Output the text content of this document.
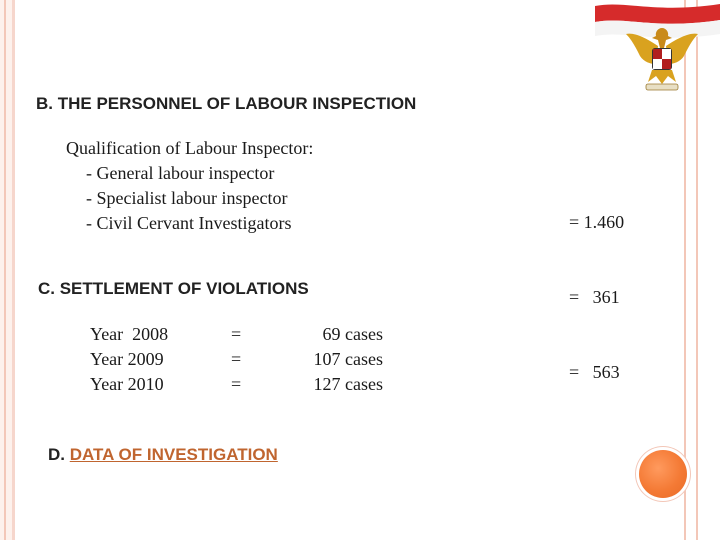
B. THE PERSONNEL OF LABOUR INSPECTION
Qualification of Labour Inspector:
- General labour inspector
- Specialist labour inspector
- Civil Cervant Investigators

	= 1.460

=   361

=   563

C. SETTLEMENT OF VIOLATIONS
Year  2008
Year 2009
Year 2010
=
=
=
69 cases
107 cases
127 cases
D. DATA OF INVESTIGATION
